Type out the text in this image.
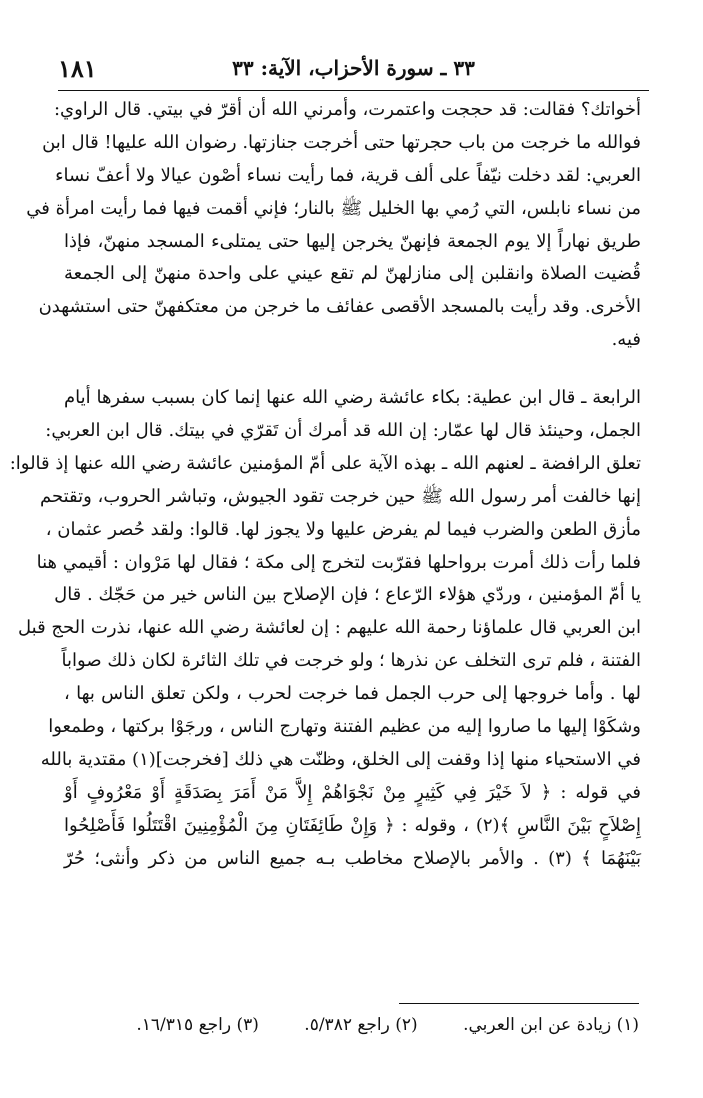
٣٣ ـ سورة الأحزاب، الآية: ٣٣
١٨١
أخواتك؟ فقالت: قد حججت واعتمرت، وأمرني الله أن أقرّ في بيتي. قال الراوي:
فوالله ما خرجت من باب حجرتها حتى أخرجت جنازتها. رضوان الله عليها! قال ابن
العربي: لقد دخلت نيّفاً على ألف قرية، فما رأيت نساء أصْون عيالا ولا أعفّ نساء
من نساء نابلس، التي رُمي بها الخليل ﷺ بالنار؛ فإني أقمت فيها فما رأيت امرأة في
طريق نهاراً إلا يوم الجمعة فإنهنّ يخرجن إليها حتى يمتلىء المسجد منهنّ، فإذا
قُضيت الصلاة وانقلبن إلى منازلهنّ لم تقع عيني على واحدة منهنّ إلى الجمعة
الأخرى. وقد رأيت بالمسجد الأقصى عفائف ما خرجن من معتكفهنّ حتى استشهدن
فيه.
الرابعة ـ قال ابن عطية: بكاء عائشة رضي الله عنها إنما كان بسبب سفرها أيام
الجمل، وحينئذ قال لها عمّار: إن الله قد أمرك أن تَقرّي في بيتك. قال ابن العربي:
تعلق الرافضة ـ لعنهم الله ـ بهذه الآية على أمّ المؤمنين عائشة رضي الله عنها إذ قالوا:
إنها خالفت أمر رسول الله ﷺ حين خرجت تقود الجيوش، وتباشر الحروب، وتقتحم
مأزق الطعن والضرب فيما لم يفرض عليها ولا يجوز لها. قالوا: ولقد حُصر عثمان ،
فلما رأت ذلك أمرت برواحلها فقرّبت لتخرج إلى مكة ؛ فقال لها مَرْوان : أقيمي هنا
يا أمّ المؤمنين ، وردّي هؤلاء الرّعاع ؛ فإن الإصلاح بين الناس خير من حَجّك . قال
ابن العربي قال علماؤنا رحمة الله عليهم : إن لعائشة رضي الله عنها، نذرت الحج قبل
الفتنة ، فلم ترى التخلف عن نذرها ؛ ولو خرجت في تلك الثائرة لكان ذلك صواباً
لها . وأما خروجها إلى حرب الجمل فما خرجت لحرب ، ولكن تعلق الناس بها ،
وشكَوْا إليها ما صاروا إليه من عظيم الفتنة وتهارج الناس ، ورجَوْا بركتها ، وطمعوا
في الاستحياء منها إذا وقفت إلى الخلق، وظنّت هي ذلك [فخرجت](١) مقتدية بالله
في قوله : ﴿ لاَ خَيْرَ فِي كَثِيرٍ مِنْ نَجْوَاهُمْ إِلاَّ مَنْ أَمَرَ بِصَدَقَةٍ أَوْ مَعْرُوفٍ أَوْ
إِصْلاَحٍ بَيْنَ النَّاسِ ﴾(٢) ، وقوله : ﴿ وَإِنْ طَائِفَتَانِ مِنَ الْمُؤْمِنِينَ اقْتَتَلُوا فَأَصْلِحُوا
بَيْنَهُمَا ﴾ (٣) . والأمر بالإصلاح مخاطب بـه جميع الناس من ذكر وأنثى؛ حُرّ
(١) زيادة عن ابن العربي. (٢) راجع ٥/٣٨٢. (٣) راجع ١٦/٣١٥.
